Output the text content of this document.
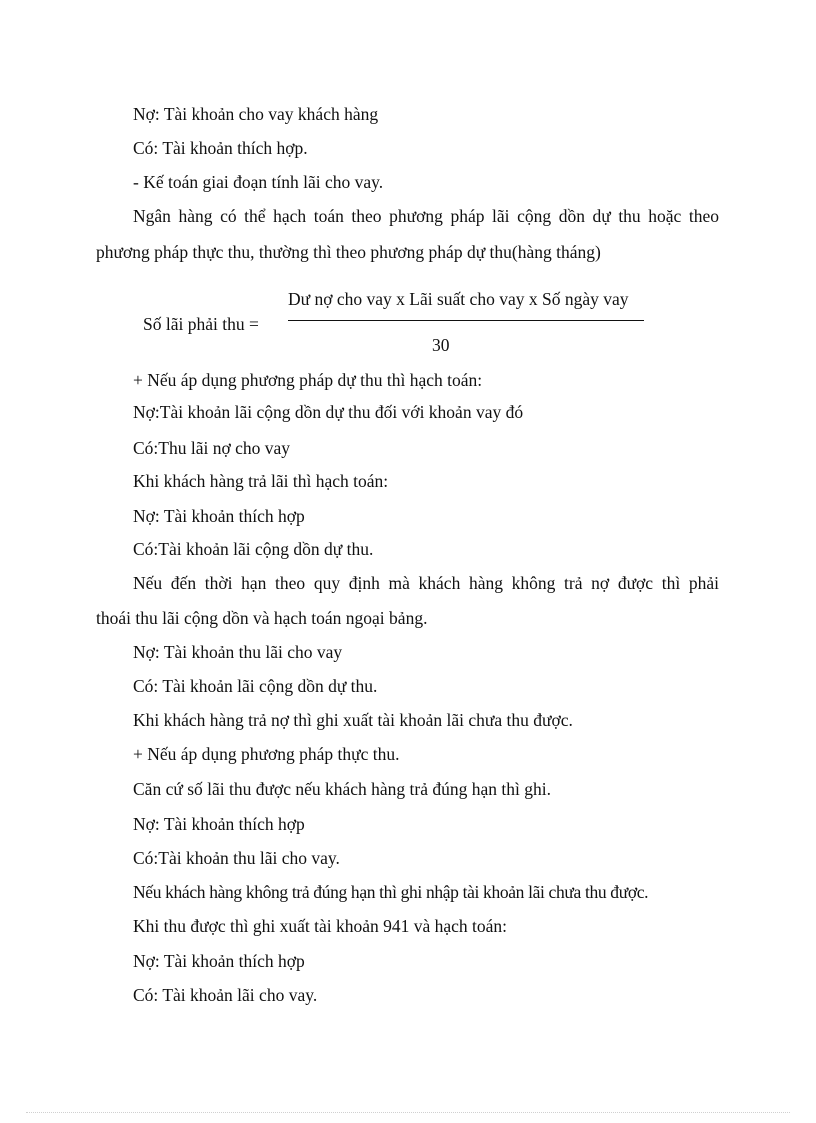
Nợ: Tài khoản cho vay khách hàng
Có: Tài khoản thích hợp.
- Kế toán giai đoạn tính lãi cho vay.
Ngân hàng có thể hạch toán theo phương pháp lãi cộng dồn dự thu hoặc theo
phương pháp thực thu, thường thì theo phương pháp dự thu(hàng tháng)
Số lãi phải thu =
Dư nợ cho vay x Lãi suất cho vay x Số ngày vay
30
+ Nếu áp dụng phương pháp dự thu thì hạch toán:
Nợ:Tài khoản lãi cộng dồn dự thu đối với khoản vay đó
Có:Thu lãi nợ cho vay
Khi khách hàng trả lãi thì hạch toán:
Nợ: Tài khoản thích hợp
Có:Tài khoản lãi cộng dồn dự thu.
Nếu đến thời hạn theo quy định mà khách hàng không trả nợ được thì phải
thoái thu lãi cộng dồn và hạch toán ngoại bảng.
Nợ: Tài khoản thu lãi cho vay
Có: Tài khoản lãi cộng dồn dự thu.
Khi khách hàng trả nợ thì ghi xuất tài khoản lãi chưa thu được.
+ Nếu áp dụng phương pháp thực thu.
Căn cứ số lãi thu được nếu khách hàng trả đúng hạn thì ghi.
Nợ: Tài khoản thích hợp
Có:Tài khoản thu lãi cho vay.
Nếu khách hàng không trả đúng hạn thì ghi nhập tài khoản lãi chưa thu được.
Khi thu được thì ghi xuất tài khoản 941 và hạch toán:
Nợ: Tài khoản thích hợp
Có: Tài khoản lãi cho vay.
